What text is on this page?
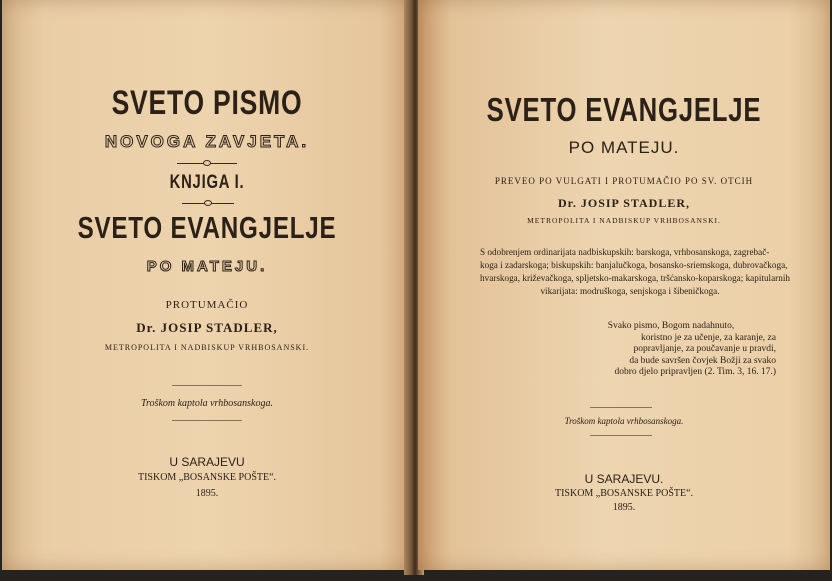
SVETO PISMO
NOVOGA ZAVJETA.
KNJIGA I.
SVETO EVANGJELJE
PO MATEJU.
PROTUMAČIO
Dr. JOSIP STADLER,
METROPOLITA I NADBISKUP VRHBOSANSKI.
Troškom kaptola vrhbosanskoga.
U SARAJEVU
TISKOM „BOSANSKE POŠTE“.
1895.
SVETO EVANGJELJE
PO MATEJU.
PREVEO PO VULGATI I PROTUMAČIO PO SV. OTCIH
Dr. JOSIP STADLER,
METROPOLITA I NADBISKUP VRHBOSANSKI.
S odobrenjem ordinarijata nadbiskupskih: barskoga, vrhbosanskoga, zagrebač-
koga i zadarskoga; biskupskih: banjalučkoga, bosansko-sriemskoga, dubrovačkoga,
hvarskoga, križevačkoga, spljetsko-makarskoga, tršćansko-koparskoga; kapitularnih
vikarijata: modruškoga, senjskoga i šibeničkoga.
Svako pismo, Bogom nadahnuto,
koristno je za učenje, za karanje, za
popravljanje, za poučavanje u pravdi,
da bude savršen čovjek Božji za svako
dobro djelo pripravljen (2. Tim. 3, 16. 17.)
Troškom kaptola vrhbosanskoga.
U SARAJEVU.
TISKOM „BOSANSKE POŠTE“.
1895.
